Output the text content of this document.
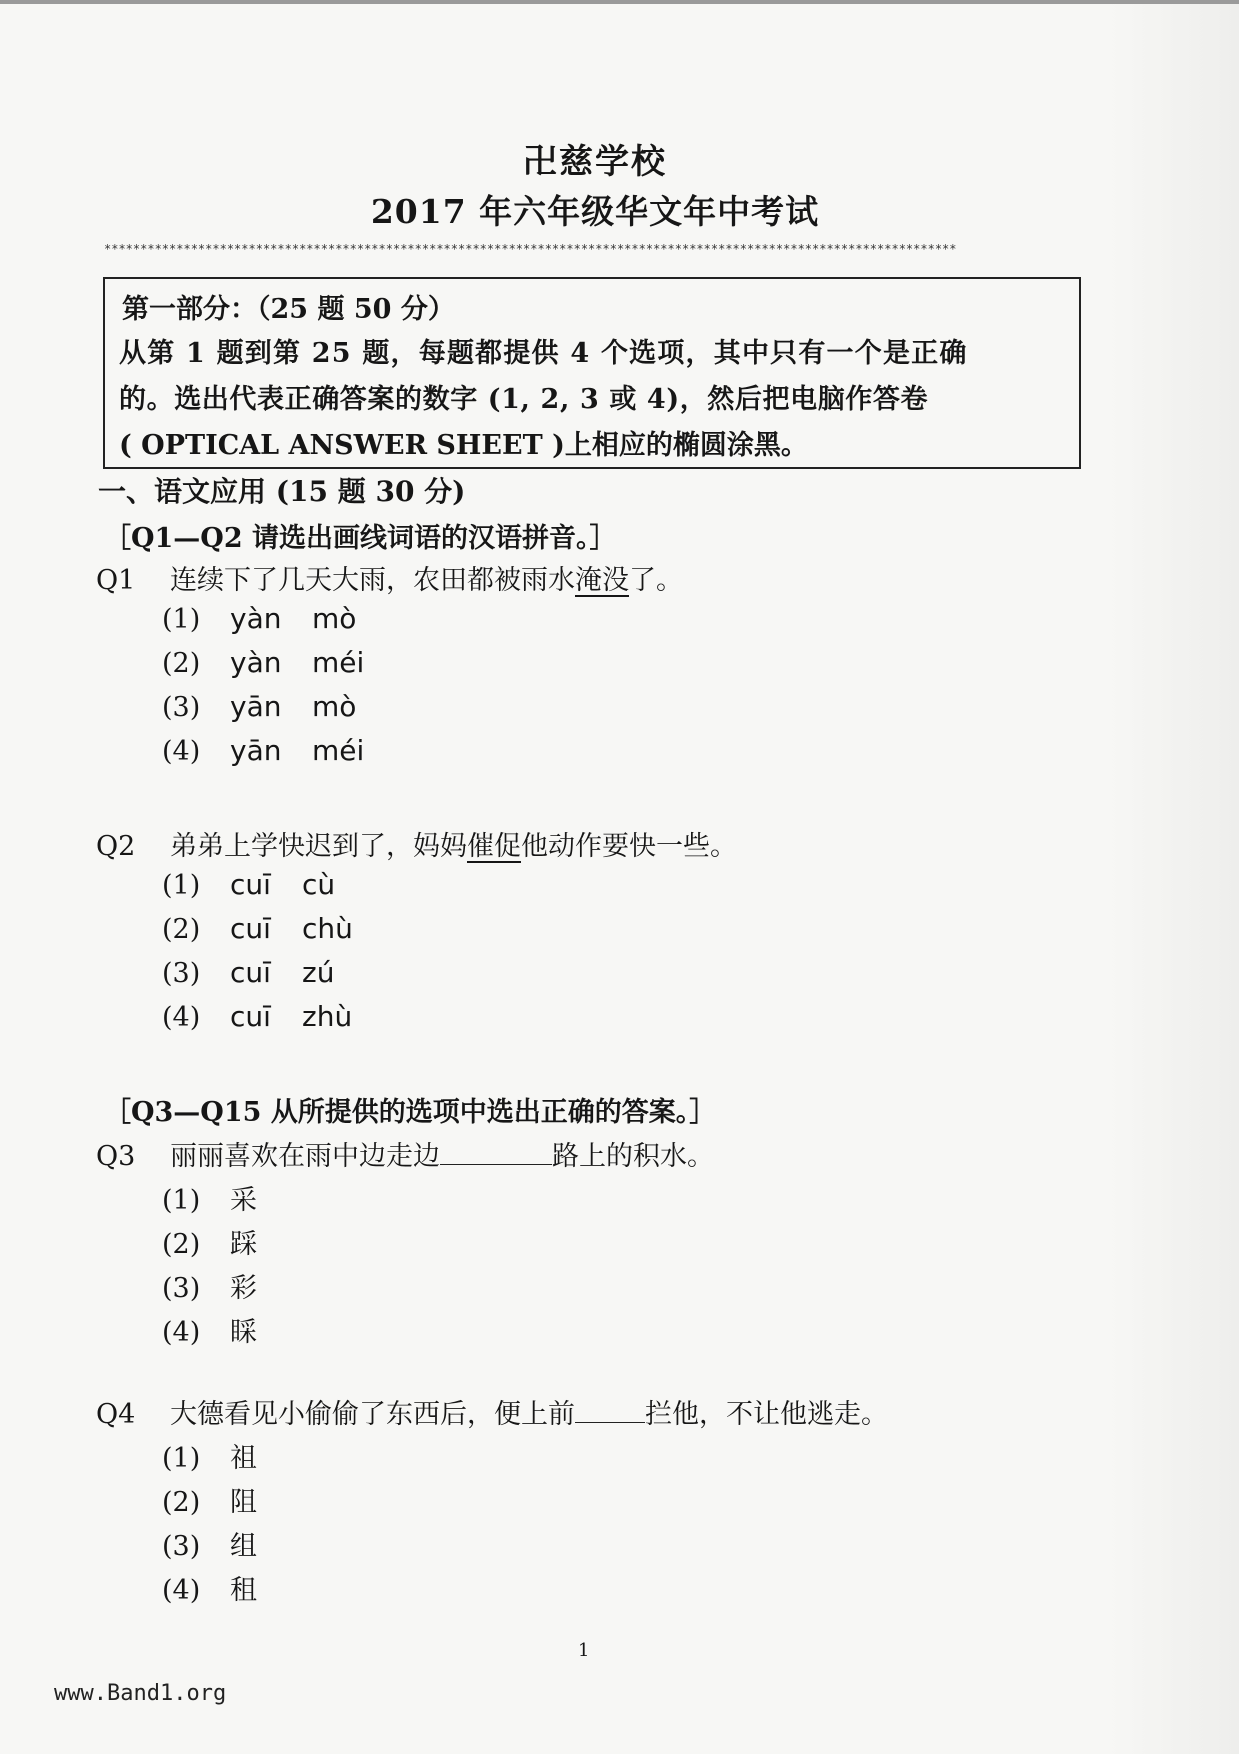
卍慈学校
2017 年六年级华文年中考试
**********************************************************************************************************************
第一部分：（25 题 50 分）
从第 1 题到第 25 题，每题都提供 4 个选项，其中只有一个是正确
的。选出代表正确答案的数字 (1, 2, 3 或 4)，然后把电脑作答卷
( OPTICAL ANSWER SHEET )上相应的椭圆涂黑。
一、语文应用 (15 题 30 分)
［Q1—Q2 请选出画线词语的汉语拼音。］
Q1 连续下了几天大雨，农田都被雨水淹没了。
(1) yàn mò
(2) yàn méi
(3) yān mò
(4) yān méi
Q2 弟弟上学快迟到了，妈妈催促他动作要快一些。
(1) cuī cù
(2) cuī chù
(3) cuī zú
(4) cuī zhù
［Q3—Q15 从所提供的选项中选出正确的答案。］
Q3 丽丽喜欢在雨中边走边	路上的积水。
(1) 采
(2) 踩
(3) 彩
(4) 睬
Q4 大德看见小偷偷了东西后，便上前	拦他，不让他逃走。
(1) 祖
(2) 阻
(3) 组
(4) 租
1
www.Band1.org
